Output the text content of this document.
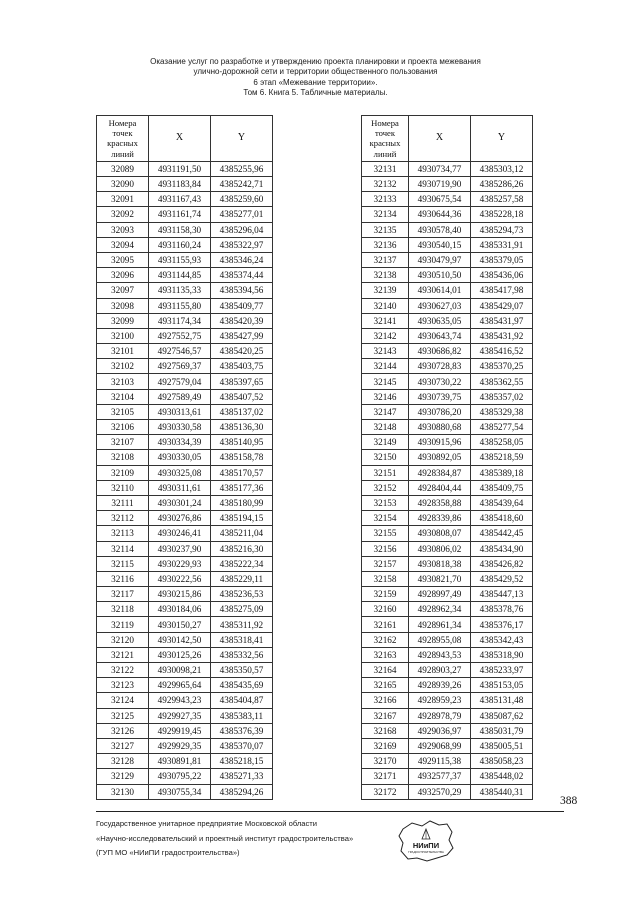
Оказание услуг по разработке и утверждению проекта планировки и проекта межевания
улично-дорожной сети и территории общественного пользования
6 этап «Межевание территории».
Том 6. Книга 5. Табличные материалы.
Номера
точек
красных
линий	X	Y
32089	4931191,50	4385255,96
32090	4931183,84	4385242,71
32091	4931167,43	4385259,60
32092	4931161,74	4385277,01
32093	4931158,30	4385296,04
32094	4931160,24	4385322,97
32095	4931155,93	4385346,24
32096	4931144,85	4385374,44
32097	4931135,33	4385394,56
32098	4931155,80	4385409,77
32099	4931174,34	4385420,39
32100	4927552,75	4385427,99
32101	4927546,57	4385420,25
32102	4927569,37	4385403,75
32103	4927579,04	4385397,65
32104	4927589,49	4385407,52
32105	4930313,61	4385137,02
32106	4930330,58	4385136,30
32107	4930334,39	4385140,95
32108	4930330,05	4385158,78
32109	4930325,08	4385170,57
32110	4930311,61	4385177,36
32111	4930301,24	4385180,99
32112	4930276,86	4385194,15
32113	4930246,41	4385211,04
32114	4930237,90	4385216,30
32115	4930229,93	4385222,34
32116	4930222,56	4385229,11
32117	4930215,86	4385236,53
32118	4930184,06	4385275,09
32119	4930150,27	4385311,92
32120	4930142,50	4385318,41
32121	4930125,26	4385332,56
32122	4930098,21	4385350,57
32123	4929965,64	4385435,69
32124	4929943,23	4385404,87
32125	4929927,35	4385383,11
32126	4929919,45	4385376,39
32127	4929929,35	4385370,07
32128	4930891,81	4385218,15
32129	4930795,22	4385271,33
32130	4930755,34	4385294,26
Номера
точек
красных
линий	X	Y
32131	4930734,77	4385303,12
32132	4930719,90	4385286,26
32133	4930675,54	4385257,58
32134	4930644,36	4385228,18
32135	4930578,40	4385294,73
32136	4930540,15	4385331,91
32137	4930479,97	4385379,05
32138	4930510,50	4385436,06
32139	4930614,01	4385417,98
32140	4930627,03	4385429,07
32141	4930635,05	4385431,97
32142	4930643,74	4385431,92
32143	4930686,82	4385416,52
32144	4930728,83	4385370,25
32145	4930730,22	4385362,55
32146	4930739,75	4385357,02
32147	4930786,20	4385329,38
32148	4930880,68	4385277,54
32149	4930915,96	4385258,05
32150	4930892,05	4385218,59
32151	4928384,87	4385389,18
32152	4928404,44	4385409,75
32153	4928358,88	4385439,64
32154	4928339,86	4385418,60
32155	4930808,07	4385442,45
32156	4930806,02	4385434,90
32157	4930818,38	4385426,82
32158	4930821,70	4385429,52
32159	4928997,49	4385447,13
32160	4928962,34	4385378,76
32161	4928961,34	4385376,17
32162	4928955,08	4385342,43
32163	4928943,53	4385318,90
32164	4928903,27	4385233,97
32165	4928939,26	4385153,05
32166	4928959,23	4385131,48
32167	4928978,79	4385087,62
32168	4929036,97	4385031,79
32169	4929068,99	4385005,51
32170	4929115,38	4385058,23
32171	4932577,37	4385448,02
32172	4932570,29	4385440,31
388
Государственное унитарное предприятие Московской области
«Научно-исследовательский и проектный институт градостроительства»
(ГУП МО «НИиПИ градостроительства»)
НИиПИ
ГРАДОСТРОИТЕЛЬСТВА
